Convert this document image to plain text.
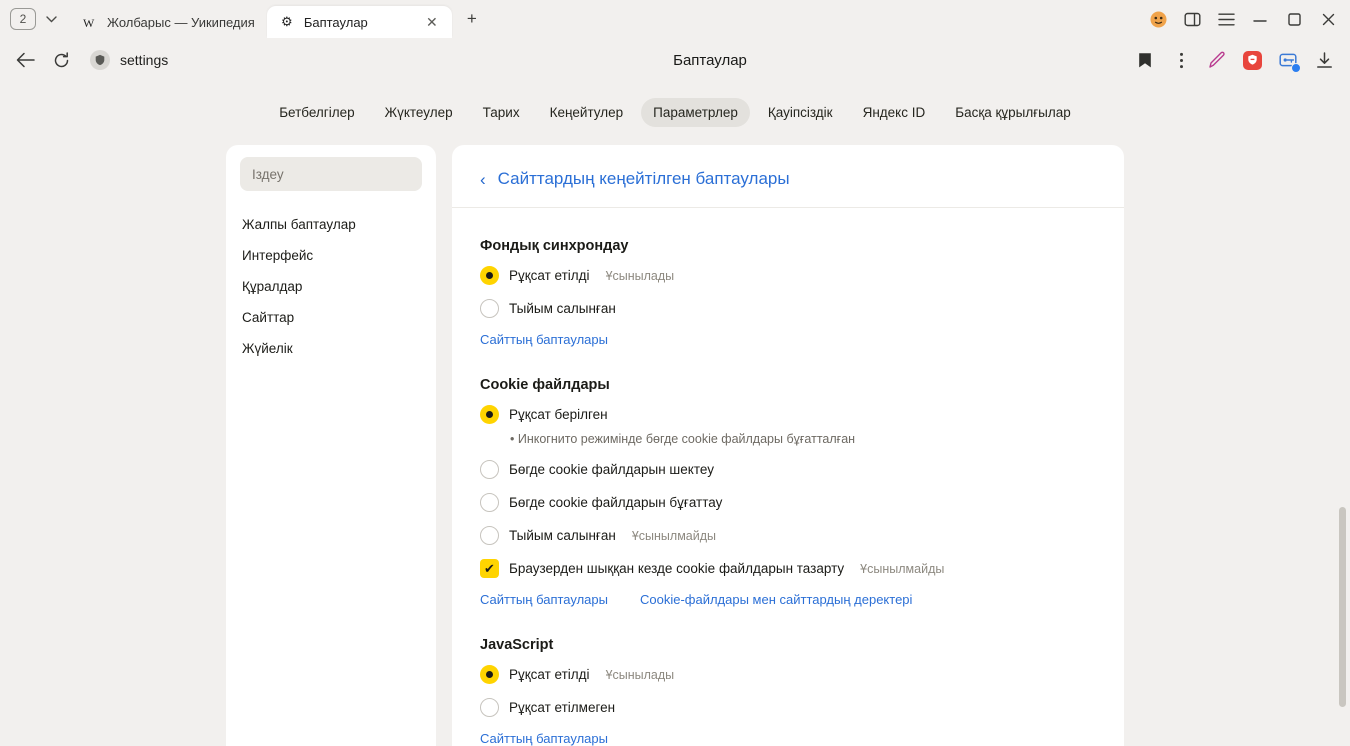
2	W Жолбарыс — Уикипедия ⚙ Баптаулар	✕	+
settings	Баптаулар
Бетбелгілер	Жүктеулер	Тарих	Кеңейтулер	Параметрлер	Қауіпсіздік	Яндекс ID	Басқа құрылғылар
Іздеу
Жалпы баптаулар
Интерфейс
Құралдар
Сайттар
Жүйелік
‹ Сайттардың кеңейтілген баптаулары
Фондық синхрондау
Рұқсат етілді Ұсынылады
Тыйым салынған
Сайттың баптаулары
Cookie файлдары
Рұқсат берілген
• Инкогнито режимінде бөгде cookie файлдары бұғатталған
Бөгде cookie файлдарын шектеу
Бөгде cookie файлдарын бұғаттау
Тыйым салынған Ұсынылмайды
✔ Браузерден шыққан кезде cookie файлдарын тазарту Ұсынылмайды
Сайттың баптаулары Cookie-файлдары мен сайттардың деректері
JavaScript
Рұқсат етілді Ұсынылады
Рұқсат етілмеген
Сайттың баптаулары
